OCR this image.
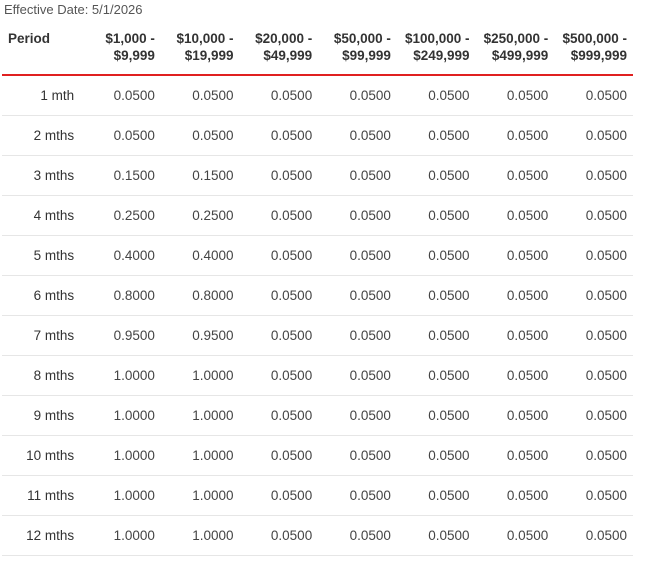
Effective Date: 5/1/2026
Period	$1,000 - $9,999	$10,000 - $19,999	$20,000 - $49,999	$50,000 - $99,999	$100,000 - $249,999	$250,000 - $499,999	$500,000 - $999,999
1 mth	0.0500	0.0500	0.0500	0.0500	0.0500	0.0500	0.0500
2 mths	0.0500	0.0500	0.0500	0.0500	0.0500	0.0500	0.0500
3 mths	0.1500	0.1500	0.0500	0.0500	0.0500	0.0500	0.0500
4 mths	0.2500	0.2500	0.0500	0.0500	0.0500	0.0500	0.0500
5 mths	0.4000	0.4000	0.0500	0.0500	0.0500	0.0500	0.0500
6 mths	0.8000	0.8000	0.0500	0.0500	0.0500	0.0500	0.0500
7 mths	0.9500	0.9500	0.0500	0.0500	0.0500	0.0500	0.0500
8 mths	1.0000	1.0000	0.0500	0.0500	0.0500	0.0500	0.0500
9 mths	1.0000	1.0000	0.0500	0.0500	0.0500	0.0500	0.0500
10 mths	1.0000	1.0000	0.0500	0.0500	0.0500	0.0500	0.0500
11 mths	1.0000	1.0000	0.0500	0.0500	0.0500	0.0500	0.0500
12 mths	1.0000	1.0000	0.0500	0.0500	0.0500	0.0500	0.0500
